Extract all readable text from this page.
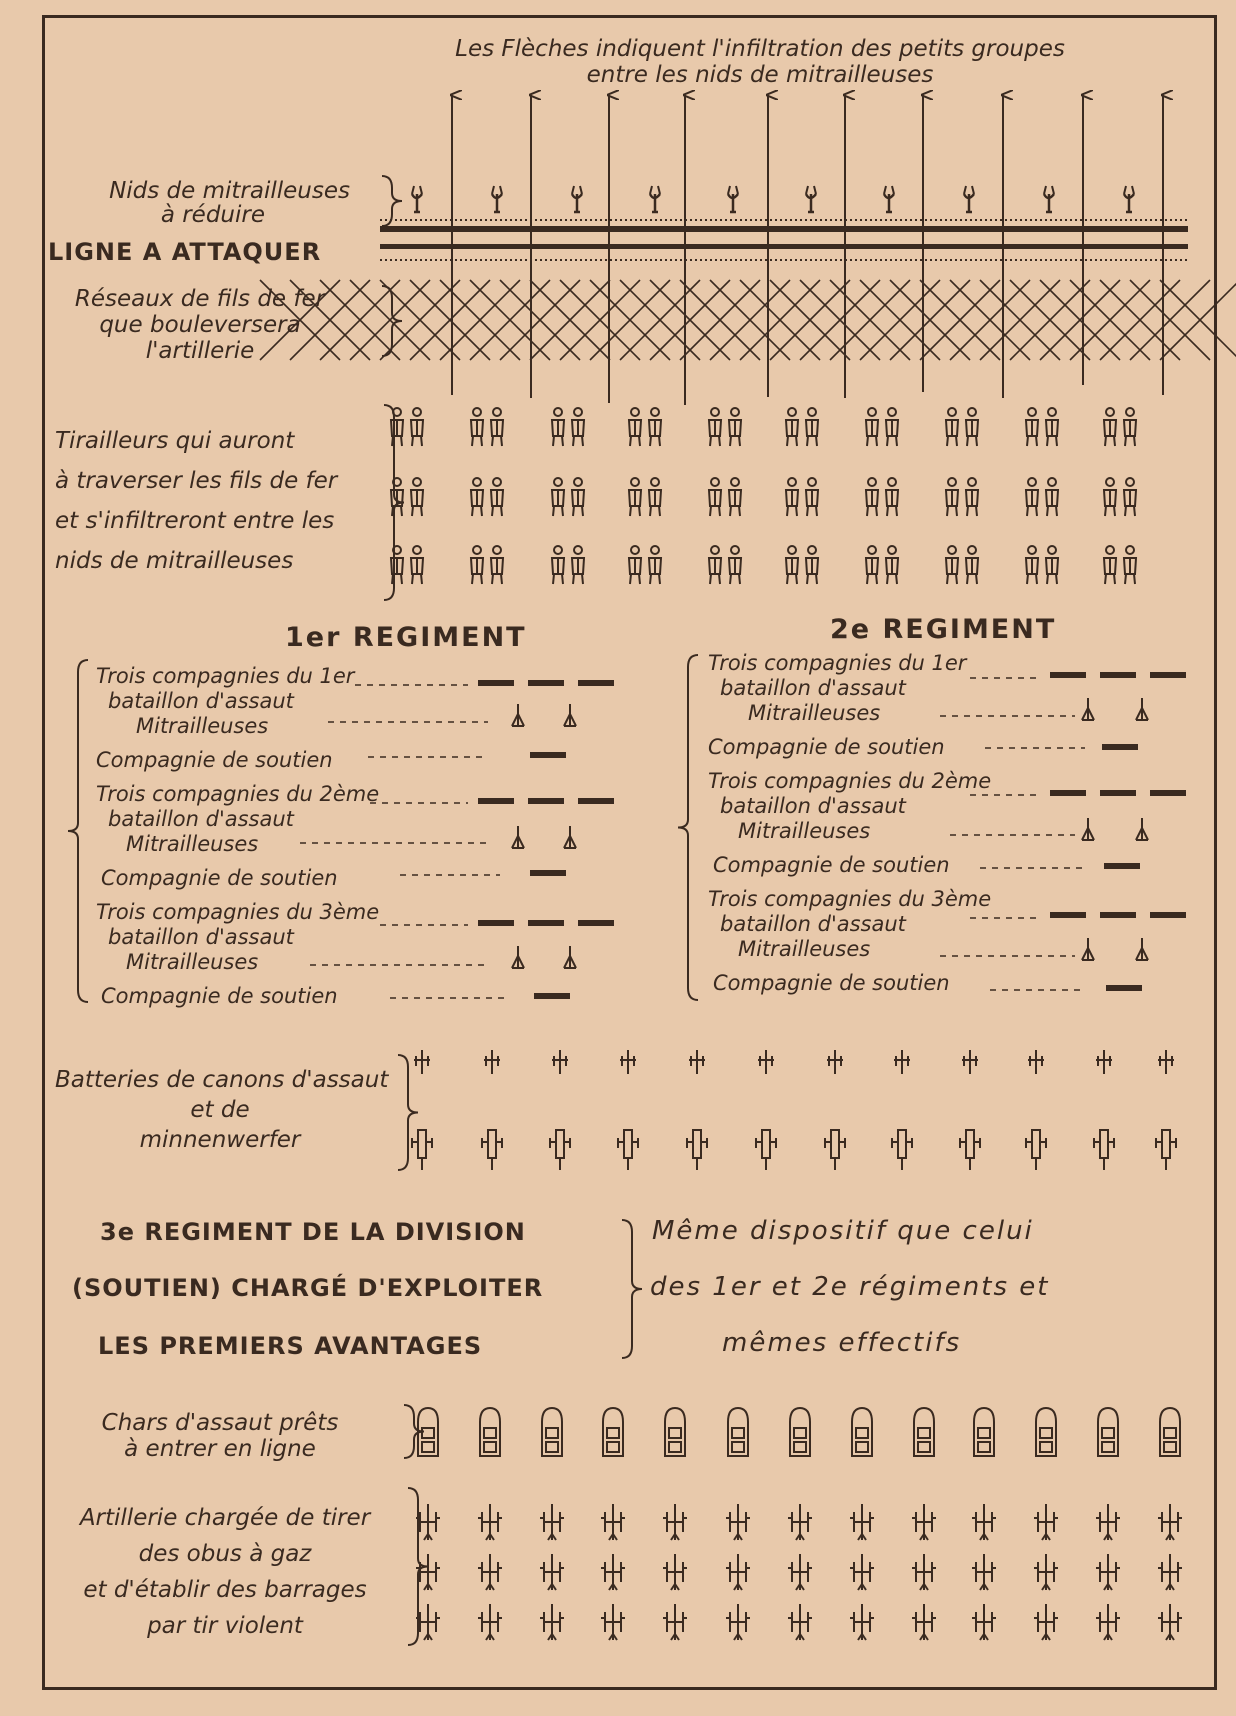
Les Flèches indiquent l'infiltration des petits groupes
entre les nids de mitrailleuses
Nids de mitrailleuses
à réduire
LIGNE A ATTAQUER
Réseaux de fils de fer
que bouleversera
l'artillerie
Tirailleurs qui auront
à traverser les fils de fer
et s'infiltreront entre les
nids de mitrailleuses
1er REGIMENT	2e REGIMENT
Trois compagnies du 1er
bataillon d'assaut
Mitrailleuses
Compagnie de soutien
Trois compagnies du 2ème
bataillon d'assaut
Mitrailleuses
Compagnie de soutien
Trois compagnies du 3ème
bataillon d'assaut
Mitrailleuses
Compagnie de soutien
Trois compagnies du 1er
bataillon d'assaut
Mitrailleuses
Compagnie de soutien
Trois compagnies du 2ème
bataillon d'assaut
Mitrailleuses
Compagnie de soutien
Trois compagnies du 3ème
bataillon d'assaut
Mitrailleuses
Compagnie de soutien
Batteries de canons d'assaut
et de
minnenwerfer
3e REGIMENT DE LA DIVISION
(SOUTIEN) CHARGÉ D'EXPLOITER
LES PREMIERS AVANTAGES
Même dispositif que celui
des 1er et 2e régiments et
mêmes effectifs
Chars d'assaut prêts
à entrer en ligne
Artillerie chargée de tirer
des obus à gaz
et d'établir des barrages
par tir violent
